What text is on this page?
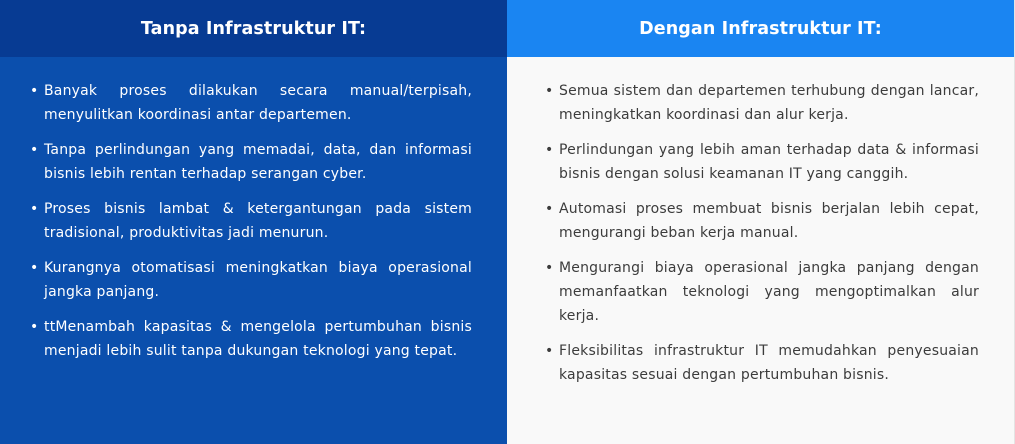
Tanpa Infrastruktur IT:
• Banyak proses dilakukan secara manual/terpisah, menyulitkan koordinasi antar departemen.
• Tanpa perlindungan yang memadai, data, dan informasi bisnis lebih rentan terhadap serangan cyber.
• Proses bisnis lambat & ketergantungan pada sistem tradisional, produktivitas jadi menurun.
• Kurangnya otomatisasi meningkatkan biaya operasional jangka panjang.
• ttMenambah kapasitas & mengelola pertumbuhan bisnis menjadi lebih sulit tanpa dukungan teknologi yang tepat.
Dengan Infrastruktur IT:
• Semua sistem dan departemen terhubung dengan lancar, meningkatkan koordinasi dan alur kerja.
• Perlindungan yang lebih aman terhadap data & informasi bisnis dengan solusi keamanan IT yang canggih.
• Automasi proses membuat bisnis berjalan lebih cepat, mengurangi beban kerja manual.
• Mengurangi biaya operasional jangka panjang dengan memanfaatkan teknologi yang mengoptimalkan alur kerja.
• Fleksibilitas infrastruktur IT memudahkan penyesuaian kapasitas sesuai dengan pertumbuhan bisnis.
